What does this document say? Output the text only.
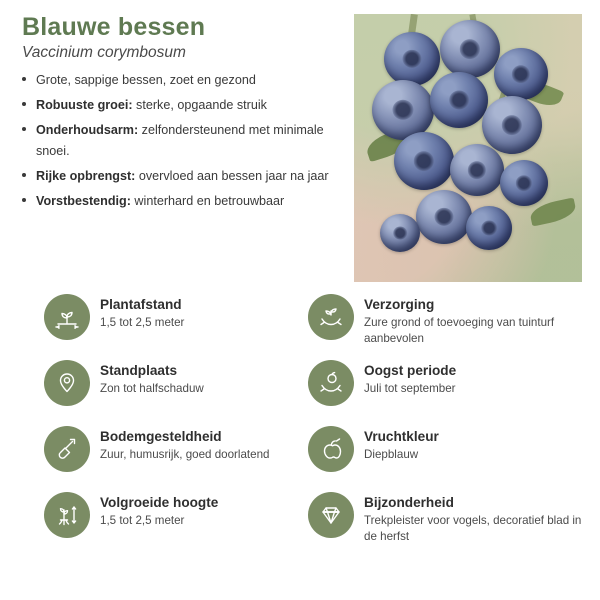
Blauwe bessen
Vaccinium corymbosum
Grote, sappige bessen, zoet en gezond
Robuuste groei: sterke, opgaande struik
Onderhoudsarm: zelfondersteunend met minimale snoei.
Rijke opbrengst: overvloed aan bessen jaar na jaar
Vorstbestendig: winterhard en betrouwbaar
Plantafstand
1,5 tot 2,5 meter
Verzorging
Zure grond of toevoeging van tuinturf aanbevolen
Standplaats
Zon tot halfschaduw
Oogst periode
Juli tot september
Bodemgesteldheid
Zuur, humusrijk, goed doorlatend
Vruchtkleur
Diepblauw
Volgroeide hoogte
1,5 tot 2,5 meter
Bijzonderheid
Trekpleister voor vogels, decoratief blad in de herfst
